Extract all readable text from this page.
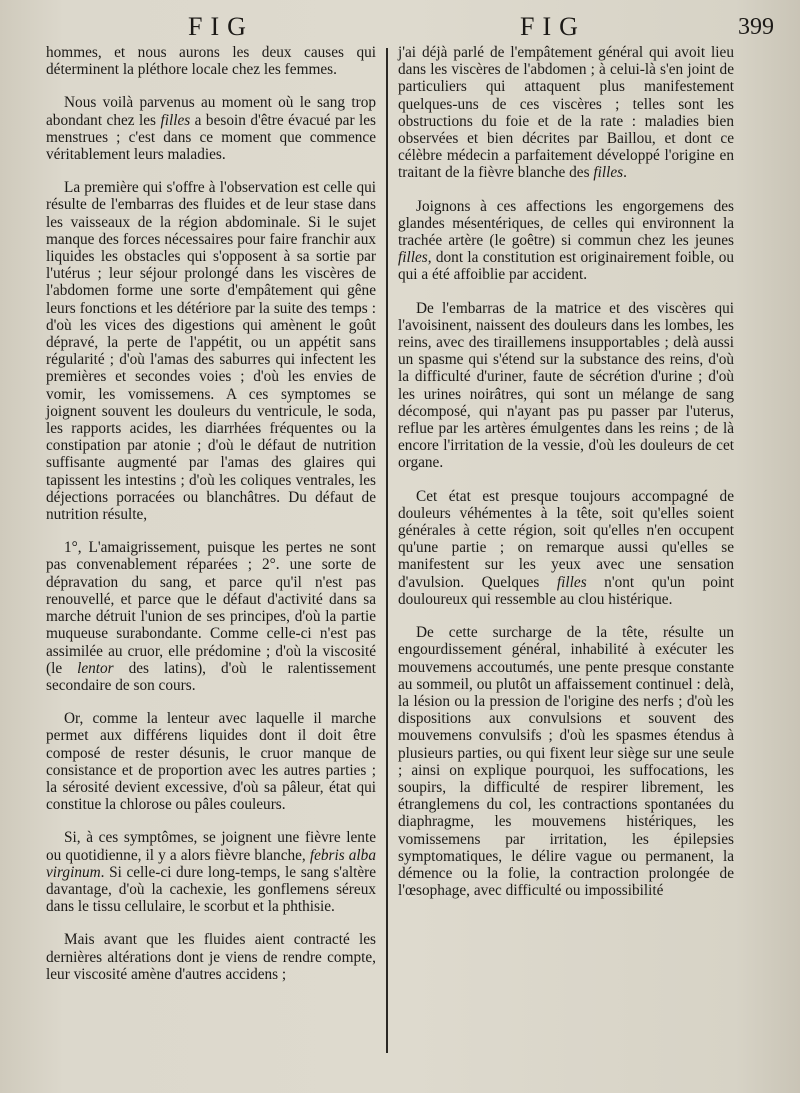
FIG	FIG	399

hommes, et nous aurons les deux causes qui déterminent la pléthore locale chez les femmes.

Nous voilà parvenus au moment où le sang trop abondant chez les filles a besoin d'être évacué par les menstrues ; c'est dans ce moment que commence véritablement leurs maladies.

La première qui s'offre à l'observation est celle qui résulte de l'embarras des fluides et de leur stase dans les vaisseaux de la région abdominale. Si le sujet manque des forces nécessaires pour faire franchir aux liquides les obstacles qui s'opposent à sa sortie par l'utérus ; leur séjour prolongé dans les viscères de l'abdomen forme une sorte d'empâtement qui gêne leurs fonctions et les détériore par la suite des temps : d'où les vices des digestions qui amènent le goût dépravé, la perte de l'appétit, ou un appétit sans régularité ; d'où l'amas des saburres qui infectent les premières et secondes voies ; d'où les envies de vomir, les vomissemens. A ces symptomes se joignent souvent les douleurs du ventricule, le soda, les rapports acides, les diarrhées fréquentes ou la constipation par atonie ; d'où le défaut de nutrition suffisante augmenté par l'amas des glaires qui tapissent les intestins ; d'où les coliques ventrales, les déjections porracées ou blanchâtres. Du défaut de nutrition résulte,

1°, L'amaigrissement, puisque les pertes ne sont pas convenablement réparées ; 2°. une sorte de dépravation du sang, et parce qu'il n'est pas renouvellé, et parce que le défaut d'activité dans sa marche détruit l'union de ses principes, d'où la partie muqueuse surabondante. Comme celle-ci n'est pas assimilée au cruor, elle prédomine ; d'où la viscosité (le lentor des latins), d'où le ralentissement secondaire de son cours.

Or, comme la lenteur avec laquelle il marche permet aux différens liquides dont il doit être composé de rester désunis, le cruor manque de consistance et de proportion avec les autres parties ; la sérosité devient excessive, d'où sa pâleur, état qui constitue la chlorose ou pâles couleurs.

Si, à ces symptômes, se joignent une fièvre lente ou quotidienne, il y a alors fièvre blanche, febris alba virginum. Si celle-ci dure long-temps, le sang s'altère davantage, d'où la cachexie, les gonflemens séreux dans le tissu cellulaire, le scorbut et la phthisie.

Mais avant que les fluides aient contracté les dernières altérations dont je viens de rendre compte, leur viscosité amène d'autres accidens ;

j'ai déjà parlé de l'empâtement général qui avoit lieu dans les viscères de l'abdomen ; à celui-là s'en joint de particuliers qui attaquent plus manifestement quelques-uns de ces viscères ; telles sont les obstructions du foie et de la rate : maladies bien observées et bien décrites par Baillou, et dont ce célèbre médecin a parfaitement développé l'origine en traitant de la fièvre blanche des filles.

Joignons à ces affections les engorgemens des glandes mésentériques, de celles qui environnent la trachée artère (le goêtre) si commun chez les jeunes filles, dont la constitution est originairement foible, ou qui a été affoiblie par accident.

De l'embarras de la matrice et des viscères qui l'avoisinent, naissent des douleurs dans les lombes, les reins, avec des tiraillemens insupportables ; delà aussi un spasme qui s'étend sur la substance des reins, d'où la difficulté d'uriner, faute de sécrétion d'urine ; d'où les urines noirâtres, qui sont un mélange de sang décomposé, qui n'ayant pas pu passer par l'uterus, reflue par les artères émulgentes dans les reins ; de là encore l'irritation de la vessie, d'où les douleurs de cet organe.

Cet état est presque toujours accompagné de douleurs véhémentes à la tête, soit qu'elles soient générales à cette région, soit qu'elles n'en occupent qu'une partie ; on remarque aussi qu'elles se manifestent sur les yeux avec une sensation d'avulsion. Quelques filles n'ont qu'un point douloureux qui ressemble au clou histérique.

De cette surcharge de la tête, résulte un engourdissement général, inhabilité à exécuter les mouvemens accoutumés, une pente presque constante au sommeil, ou plutôt un affaissement continuel : delà, la lésion ou la pression de l'origine des nerfs ; d'où les dispositions aux convulsions et souvent des mouvemens convulsifs ; d'où les spasmes étendus à plusieurs parties, ou qui fixent leur siège sur une seule ; ainsi on explique pourquoi, les suffocations, les soupirs, la difficulté de respirer librement, les étranglemens du col, les contractions spontanées du diaphragme, les mouvemens histériques, les vomissemens par irritation, les épilepsies symptomatiques, le délire vague ou permanent, la démence ou la folie, la contraction prolongée de l'œsophage, avec difficulté ou impossibilité
